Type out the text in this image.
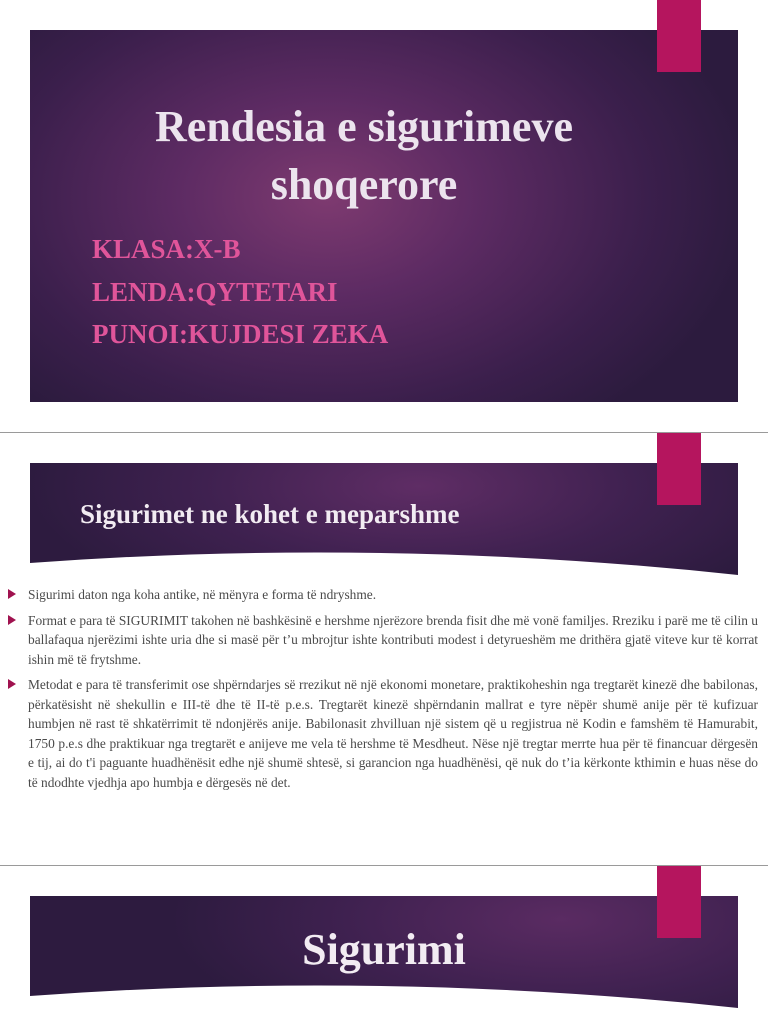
Rendesia e sigurimeve
shoqerore
KLASA:X-B
LENDA:QYTETARI
PUNOI:KUJDESI ZEKA
Sigurimet ne kohet e meparshme
Sigurimi daton nga koha antike, në mënyra e forma të ndryshme.
Format e para të SIGURIMIT takohen në bashkësinë e hershme njerëzore brenda fisit dhe më vonë familjes. Rreziku i parë me të cilin u ballafaqua njerëzimi ishte uria dhe si masë për t’u mbrojtur ishte kontributi modest i detyrueshëm me drithëra gjatë viteve kur të korrat ishin më të frytshme.
Metodat e para të transferimit ose shpërndarjes së rrezikut në një ekonomi monetare, praktikoheshin nga tregtarët kinezë dhe babilonas, përkatësisht në shekullin e III-të dhe të II-të p.e.s. Tregtarët kinezë shpërndanin mallrat e tyre nëpër shumë anije për të kufizuar humbjen në rast të shkatërrimit të ndonjërës anije. Babilonasit zhvilluan një sistem që u regjistrua në Kodin e famshëm të Hamurabit, 1750 p.e.s dhe praktikuar nga tregtarët e anijeve me vela të hershme të Mesdheut. Nëse një tregtar merrte hua për të financuar dërgesën e tij, ai do t'i paguante huadhënësit edhe një shumë shtesë, si garancion nga huadhënësi, që nuk do t’ia kërkonte kthimin e huas nëse do të ndodhte vjedhja apo humbja e dërgesës në det.
Sigurimi
